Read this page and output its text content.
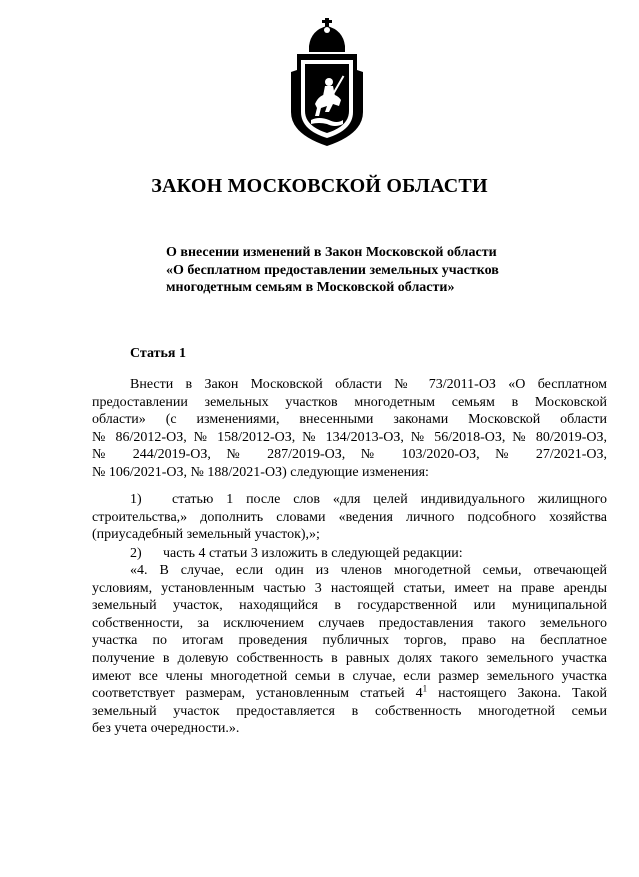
ЗАКОН МОСКОВСКОЙ ОБЛАСТИ
О внесении изменений в Закон Московской области
«О бесплатном предоставлении земельных участков
многодетным семьям в Московской области»
Статья 1
Внести в Закон Московской области № 73/2011-ОЗ «О бесплатном
предоставлении земельных участков многодетным семьям в Московской
области» (с изменениями, внесенными законами Московской области
№ 86/2012-ОЗ, № 158/2012-ОЗ, № 134/2013-ОЗ, № 56/2018-ОЗ, № 80/2019-ОЗ,
№ 244/2019-ОЗ, № 287/2019-ОЗ, № 103/2020-ОЗ, № 27/2021-ОЗ,
№ 106/2021-ОЗ, № 188/2021-ОЗ) следующие изменения:
1)	статью 1 после слов «для целей индивидуального жилищного
строительства,» дополнить словами «ведения личного подсобного хозяйства
(приусадебный земельный участок),»;
2)	часть 4 статьи 3 изложить в следующей редакции:
«4. В случае, если один из членов многодетной семьи, отвечающей
условиям, установленным частью 3 настоящей статьи, имеет на праве аренды
земельный участок, находящийся в государственной или муниципальной
собственности, за исключением случаев предоставления такого земельного
участка по итогам проведения публичных торгов, право на бесплатное
получение в долевую собственность в равных долях такого земельного участка
имеют все члены многодетной семьи в случае, если размер земельного участка
соответствует размерам, установленным статьей $4^1$ настоящего Закона. Такой
земельный участок предоставляется в собственность многодетной семьи
без учета очередности.».
